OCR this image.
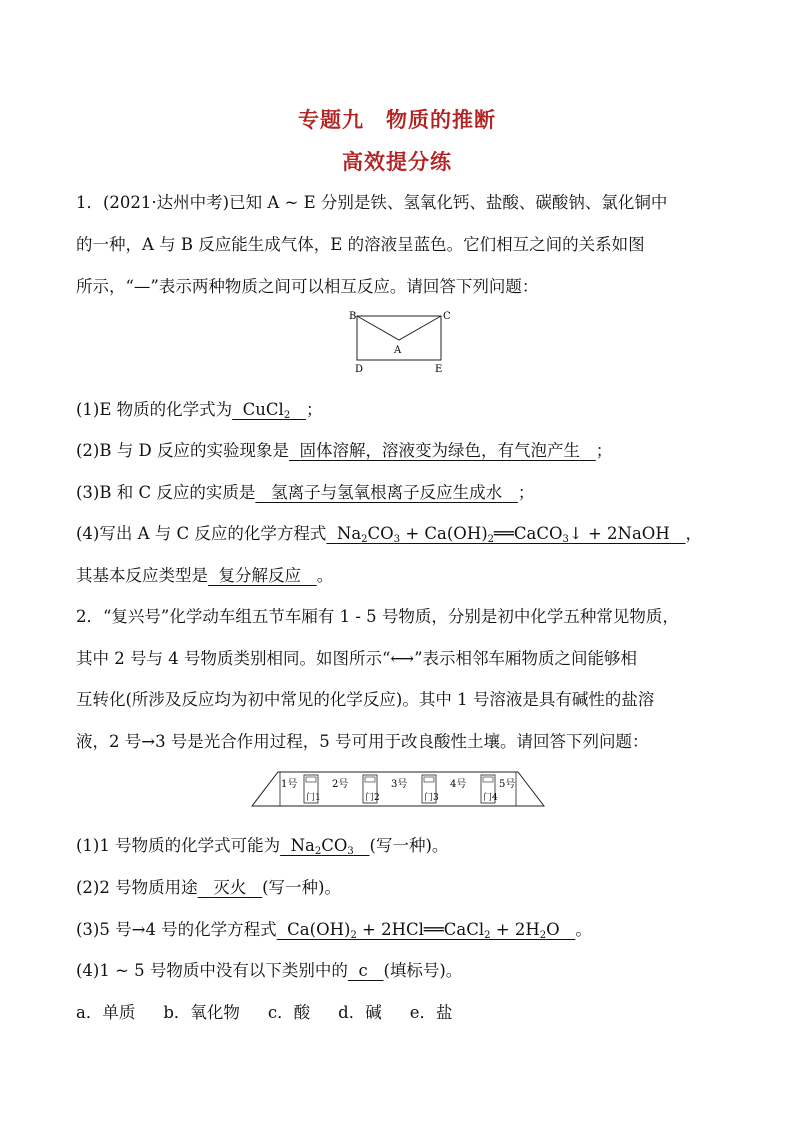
专题九　物质的推断
高效提分练
1．(2021·达州中考)已知 A ~ E 分别是铁、氢氧化钙、盐酸、碳酸钠、氯化铜中
的一种，A 与 B 反应能生成气体，E 的溶液呈蓝色。它们相互之间的关系如图
所示，“—”表示两种物质之间可以相互反应。请回答下列问题：
B	C
A
D	E
(1)E 物质的化学式为  CuCl$_2$ ；
(2)B 与 D 反应的实验现象是 固体溶解，溶液变为绿色，有气泡产生 ；
(3)B 和 C 反应的实质是 氢离子与氢氧根离子反应生成水 ；
(4)写出 A 与 C 反应的化学方程式  $Na_2CO_3$ + $Ca(OH)_2══CaCO_3↓$ + 2NaOH   ，
其基本反应类型是 复分解反应 。
2．“复兴号”化学动车组五节车厢有 1 - 5 号物质，分别是初中化学五种常见物质，
其中 2 号与 4 号物质类别相同。如图所示“⟷”表示相邻车厢物质之间能够相
互转化(所涉及反应均为初中常见的化学反应)。其中 1 号溶液是具有碱性的盐溶
液，2 号→3 号是光合作用过程，5 号可用于改良酸性土壤。请回答下列问题：
1号	2号	3号	4号	5号
门1	门2	门3	门4
(1)1 号物质的化学式可能为  $Na_2CO_3$ (写一种)。
(2)2 号物质用途 灭火 (写一种)。
(3)5 号→4 号的化学方程式  $Ca(OH)_2$ + 2HCl══CaCl$_2$ + $2H_2O$   。
(4)1 ~ 5 号物质中没有以下类别中的 c (填标号)。
a．单质 b．氧化物 c．酸 d．碱 e．盐
